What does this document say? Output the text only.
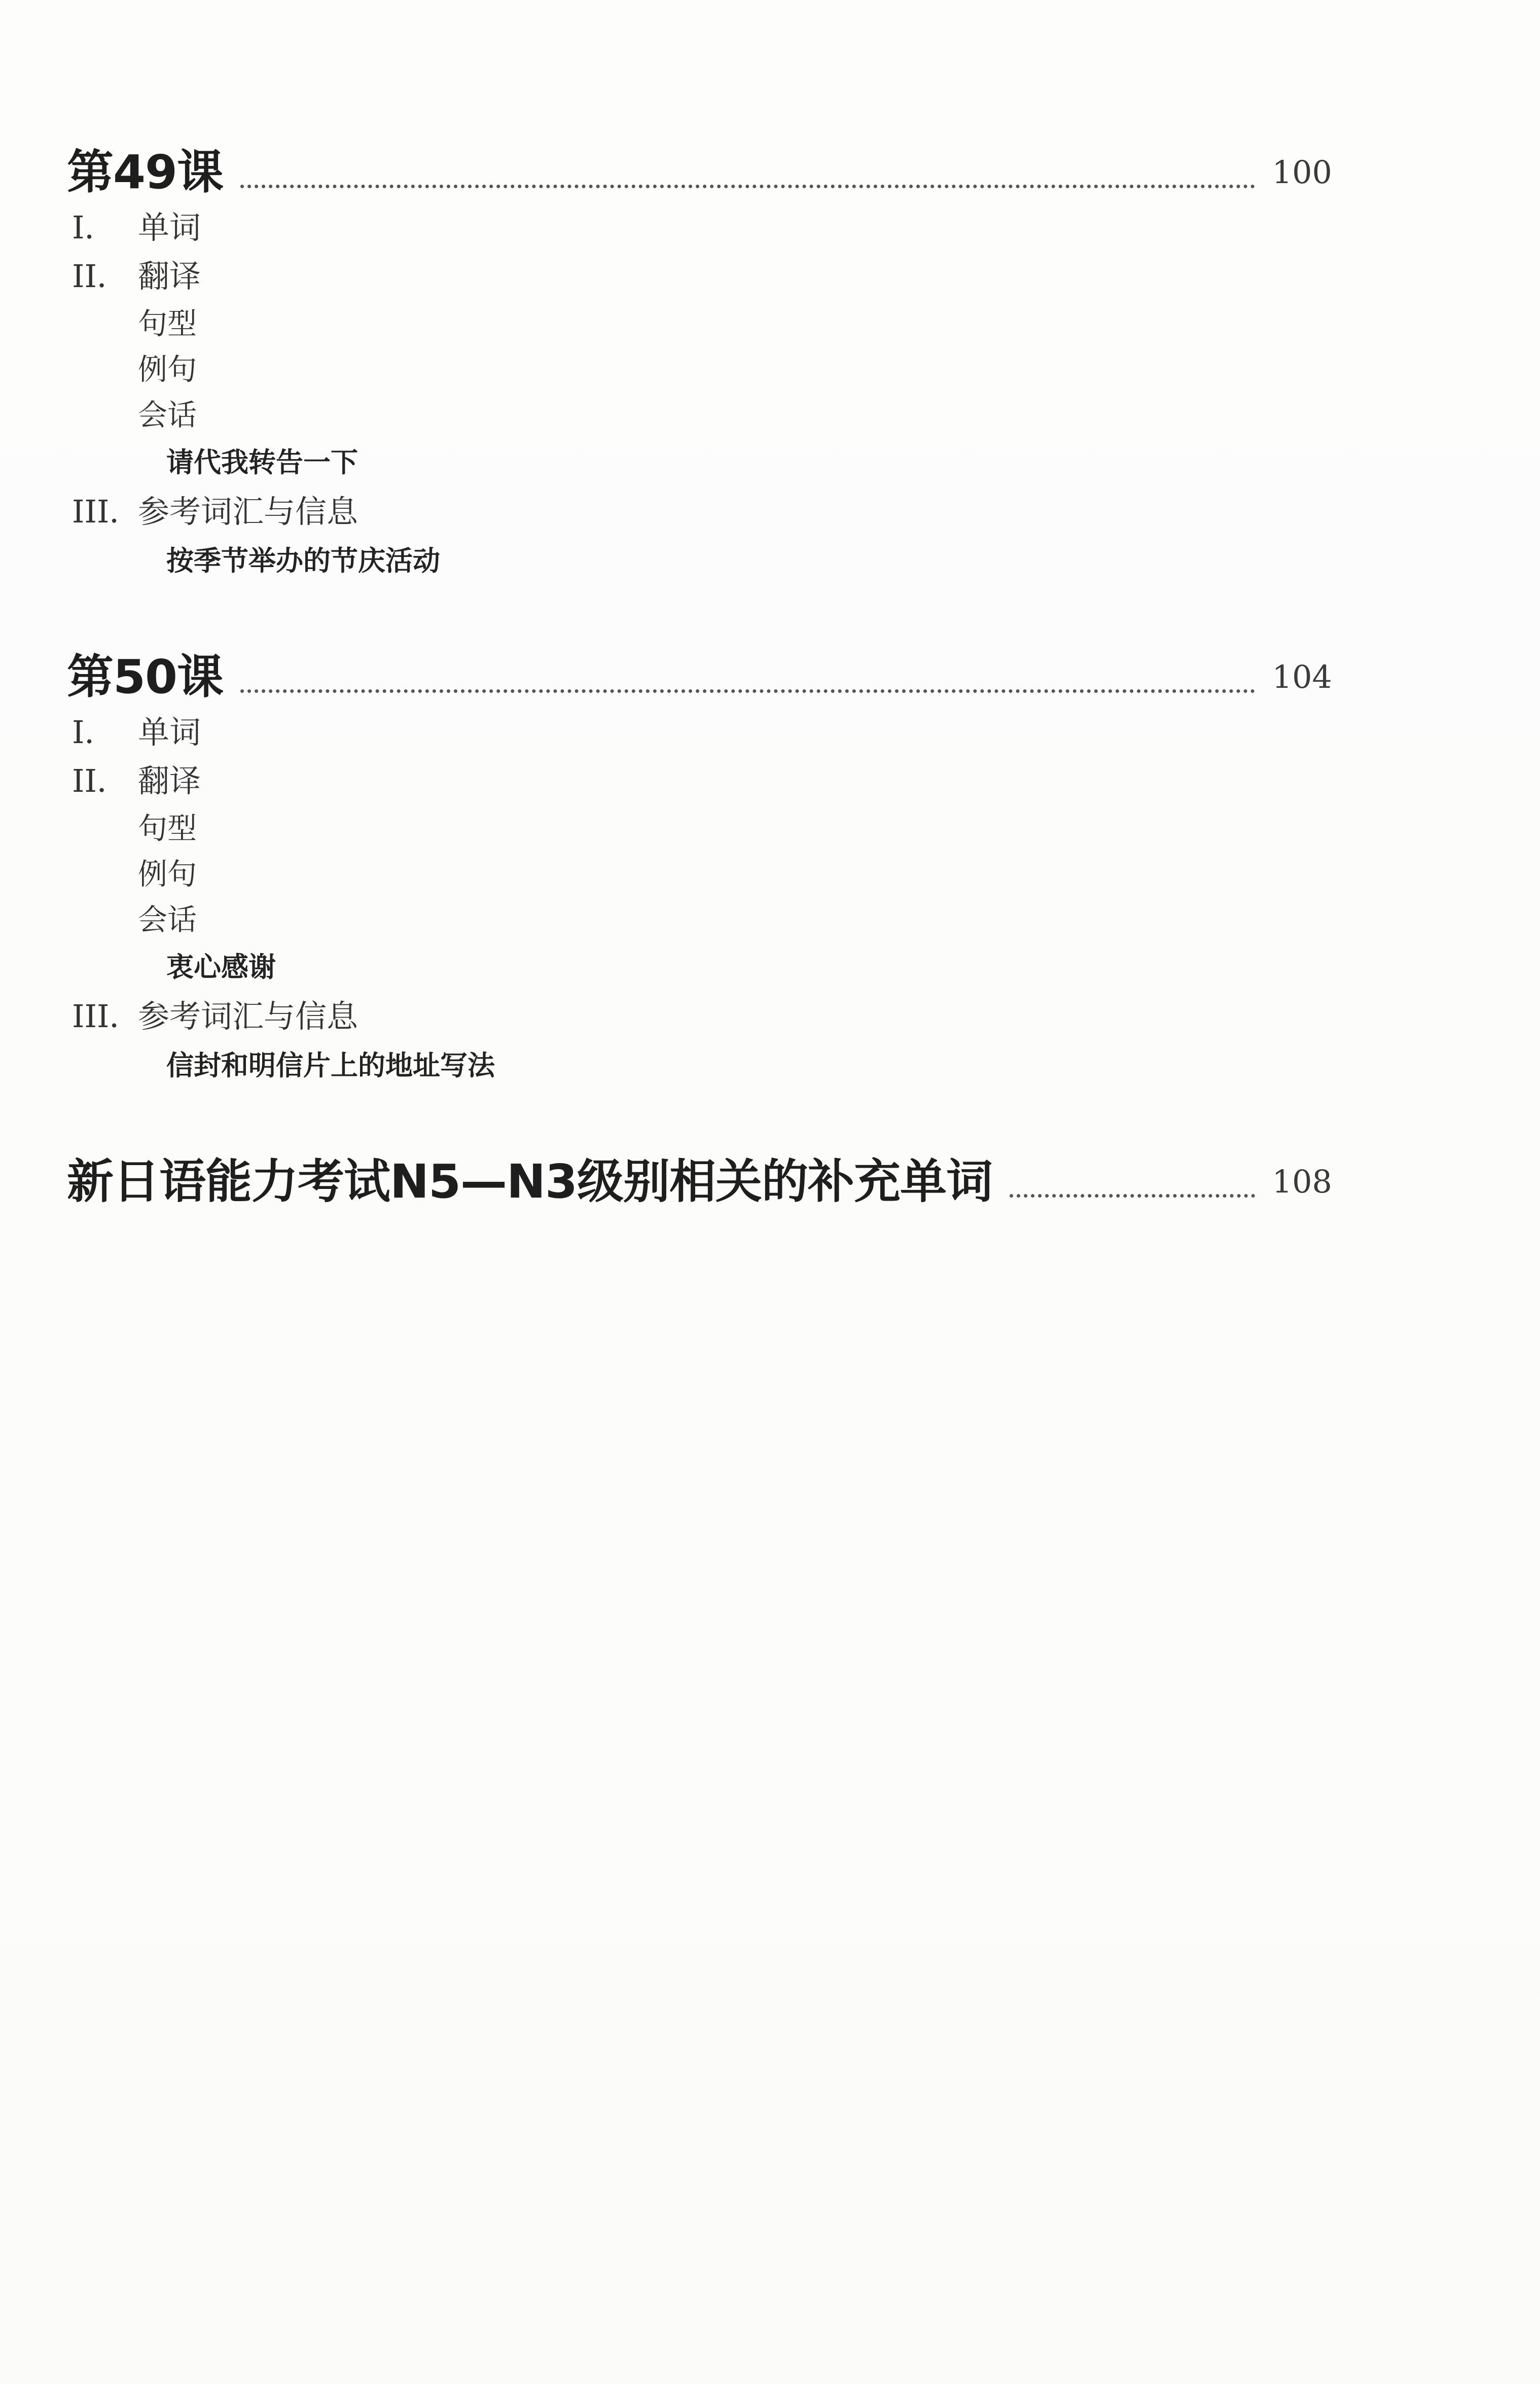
第49课	100
I． 单词
II． 翻译
句型
例句
会话
请代我转告一下
III．参考词汇与信息
按季节举办的节庆活动
第50课	104
I． 单词
II． 翻译
句型
例句
会话
衷心感谢
III．参考词汇与信息
信封和明信片上的地址写法
新日语能力考试N5—N3级别相关的补充单词	108
